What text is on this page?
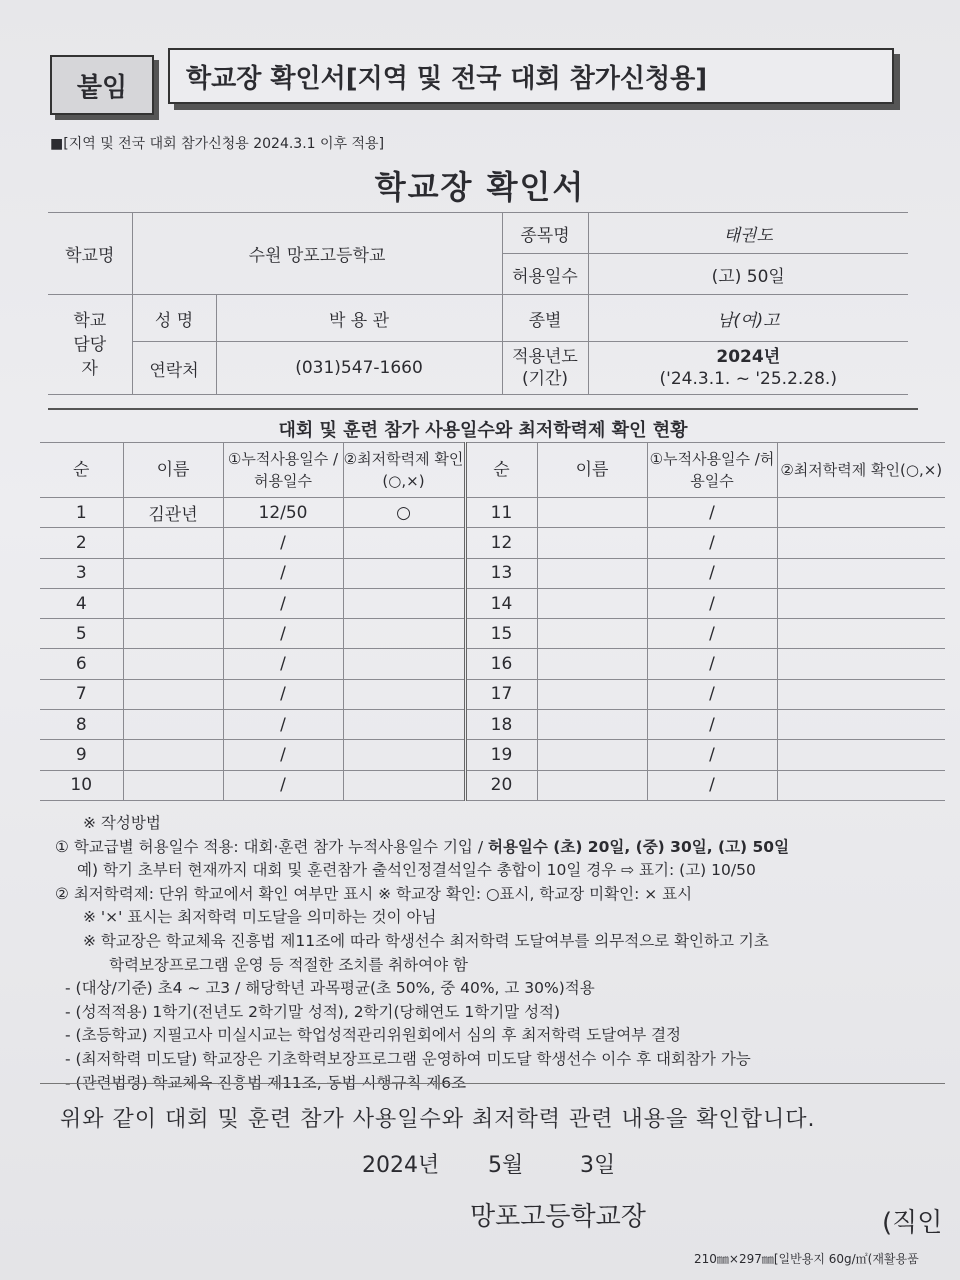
붙임	학교장 확인서[지역 및 전국 대회 참가신청용]
■[지역 및 전국 대회 참가신청용 2024.3.1 이후 적용]
학교장 확인서
학교명	수원 망포고등학교		종목명	태권도
			허용일수	(고) 50일
학교 담당자	성 명	박 용 관	종별	남(여)고
	연락처	(031)547-1660	적용년도 (기간)	2024년
('24.3.1. ~ '25.2.28.)
대회 및 훈련 참가 사용일수와 최저학력제 확인 현황
순	이름	①누적사용일수 /허용일수	②최저학력제 확인(○,×)	순	이름	①누적사용일수 /허용일수	②최저학력제 확인(○,×)
1	김관년	12/50	○	11		/	
2		/		12		/	
3		/		13		/	
4		/		14		/	
5		/		15		/	
6		/		16		/	
7		/		17		/	
8		/		18		/	
9		/		19		/	
10		/		20		/	
※ 작성방법
① 학교급별 허용일수 적용: 대회·훈련 참가 누적사용일수 기입 / 허용일수 (초) 20일, (중) 30일, (고) 50일
예) 학기 초부터 현재까지 대회 및 훈련참가 출석인정결석일수 총합이 10일 경우 ⇨ 표기: (고) 10/50
② 최저학력제: 단위 학교에서 확인 여부만 표시 ※ 학교장 확인: ○표시, 학교장 미확인: × 표시
※ '×' 표시는 최저학력 미도달을 의미하는 것이 아님
※ 학교장은 학교체육 진흥법 제11조에 따라 학생선수 최저학력 도달여부를 의무적으로 확인하고 기초
학력보장프로그램 운영 등 적절한 조치를 취하여야 함
- (대상/기준) 초4 ~ 고3 / 해당학년 과목평균(초 50%, 중 40%, 고 30%)적용
- (성적적용) 1학기(전년도 2학기말 성적), 2학기(당해연도 1학기말 성적)
- (초등학교) 지필고사 미실시교는 학업성적관리위원회에서 심의 후 최저학력 도달여부 결정
- (최저학력 미도달) 학교장은 기초학력보장프로그램 운영하여 미도달 학생선수 이수 후 대회참가 가능
- (관련법령) 학교체육 진흥법 제11조, 동법 시행규칙 제6조
위와 같이 대회 및 훈련 참가 사용일수와 최저학력 관련 내용을 확인합니다.
2024년 5월	3일
망포고등학교장	(직인
210㎜×297㎜[일반용지 60g/㎡(재활용품
